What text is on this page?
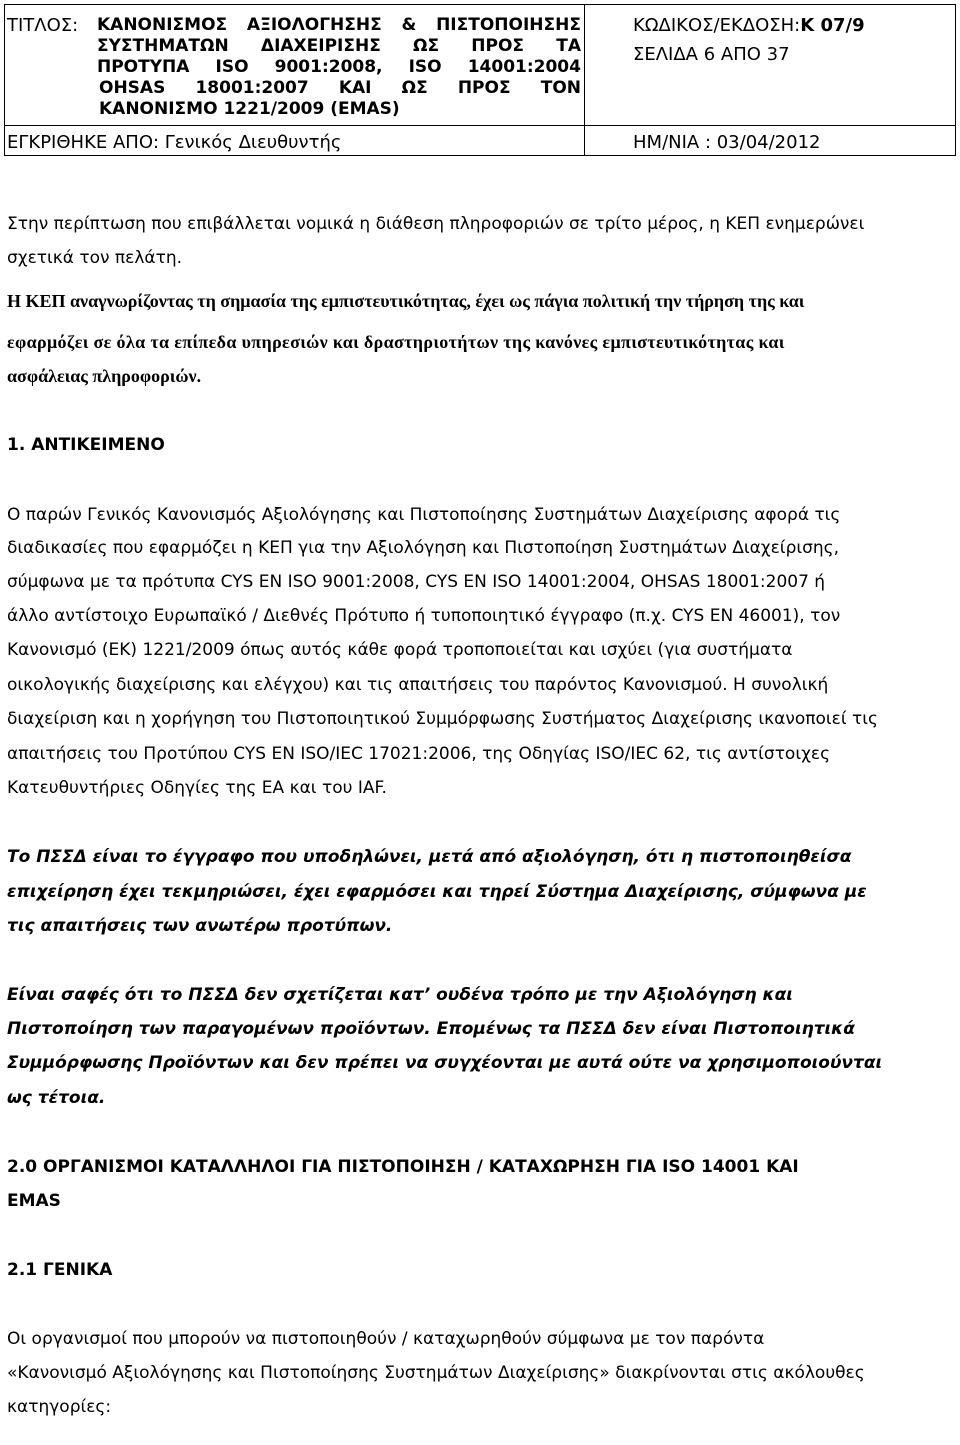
ΤΙΤΛΟΣ: ΚΑΝΟΝΙΣΜΟΣ ΑΞΙΟΛΟΓΗΣΗΣ & ΠΙΣΤΟΠΟΙΗΣΗΣ
ΣΥΣΤΗΜΑΤΩΝ ΔΙΑΧΕΙΡΙΣΗΣ ΩΣ ΠΡΟΣ ΤΑ
ΠΡΟΤΥΠΑ ISO 9001:2008, ISO 14001:2004
OHSAS 18001:2007 ΚΑΙ ΩΣ ΠΡΟΣ ΤΟΝ
ΚΑΝΟΝΙΣΜΟ 1221/2009 (EMAS)
ΚΩΔΙΚΟΣ/ΕΚΔΟΣΗ:Κ 07/9
ΣΕΛΙΔΑ 6 ΑΠΟ 37
ΕΓΚΡΙΘΗΚΕ ΑΠΟ: Γενικός Διευθυντής	ΗΜ/ΝΙΑ : 03/04/2012
Στην περίπτωση που επιβάλλεται νομικά η διάθεση πληροφοριών σε τρίτο μέρος, η ΚΕΠ ενημερώνει
σχετικά τον πελάτη.
Η ΚΕΠ αναγνωρίζοντας τη σημασία της εμπιστευτικότητας, έχει ως πάγια πολιτική την τήρηση της και
εφαρμόζει σε όλα τα επίπεδα υπηρεσιών και δραστηριοτήτων της κανόνες εμπιστευτικότητας και
ασφάλειας πληροφοριών.
1. ΑΝΤΙΚΕΙΜΕΝΟ
Ο παρών Γενικός Κανονισμός Αξιολόγησης και Πιστοποίησης Συστημάτων Διαχείρισης αφορά τις
διαδικασίες που εφαρμόζει η ΚΕΠ για την Αξιολόγηση και Πιστοποίηση Συστημάτων Διαχείρισης,
σύμφωνα με τα πρότυπα CYS EN ISO 9001:2008, CYS EN ISO 14001:2004, OHSAS 18001:2007 ή
άλλο αντίστοιχο Ευρωπαϊκό / Διεθνές Πρότυπο ή τυποποιητικό έγγραφο (π.χ. CYS EN 46001), τον
Κανονισμό (ΕΚ) 1221/2009 όπως αυτός κάθε φορά τροποποιείται και ισχύει (για συστήματα
οικολογικής διαχείρισης και ελέγχου) και τις απαιτήσεις του παρόντος Κανονισμού. Η συνολική
διαχείριση και η χορήγηση του Πιστοποιητικού Συμμόρφωσης Συστήματος Διαχείρισης ικανοποιεί τις
απαιτήσεις του Προτύπου CYS EN ISO/IEC 17021:2006, της Οδηγίας ISO/IEC 62, τις αντίστοιχες
Κατευθυντήριες Οδηγίες της ΕΑ και του IAF.
Το ΠΣΣΔ είναι το έγγραφο που υποδηλώνει, μετά από αξιολόγηση, ότι η πιστοποιηθείσα
επιχείρηση έχει τεκμηριώσει, έχει εφαρμόσει και τηρεί Σύστημα Διαχείρισης, σύμφωνα με
τις απαιτήσεις των ανωτέρω προτύπων.
Είναι σαφές ότι το ΠΣΣΔ δεν σχετίζεται κατ’ ουδένα τρόπο με την Αξιολόγηση και
Πιστοποίηση των παραγομένων προϊόντων. Επομένως τα ΠΣΣΔ δεν είναι Πιστοποιητικά
Συμμόρφωσης Προϊόντων και δεν πρέπει να συγχέονται με αυτά ούτε να χρησιμοποιούνται
ως τέτοια.
2.0 ΟΡΓΑΝΙΣΜΟΙ ΚΑΤΑΛΛΗΛΟΙ ΓΙΑ ΠΙΣΤΟΠΟΙΗΣΗ / ΚΑΤΑΧΩΡΗΣΗ ΓΙΑ ISO 14001 ΚΑΙ
EMAS
2.1 ΓΕΝΙΚΑ
Οι οργανισμοί που μπορούν να πιστοποιηθούν / καταχωρηθούν σύμφωνα με τον παρόντα
«Κανονισμό Αξιολόγησης και Πιστοποίησης Συστημάτων Διαχείρισης» διακρίνονται στις ακόλουθες
κατηγορίες:
